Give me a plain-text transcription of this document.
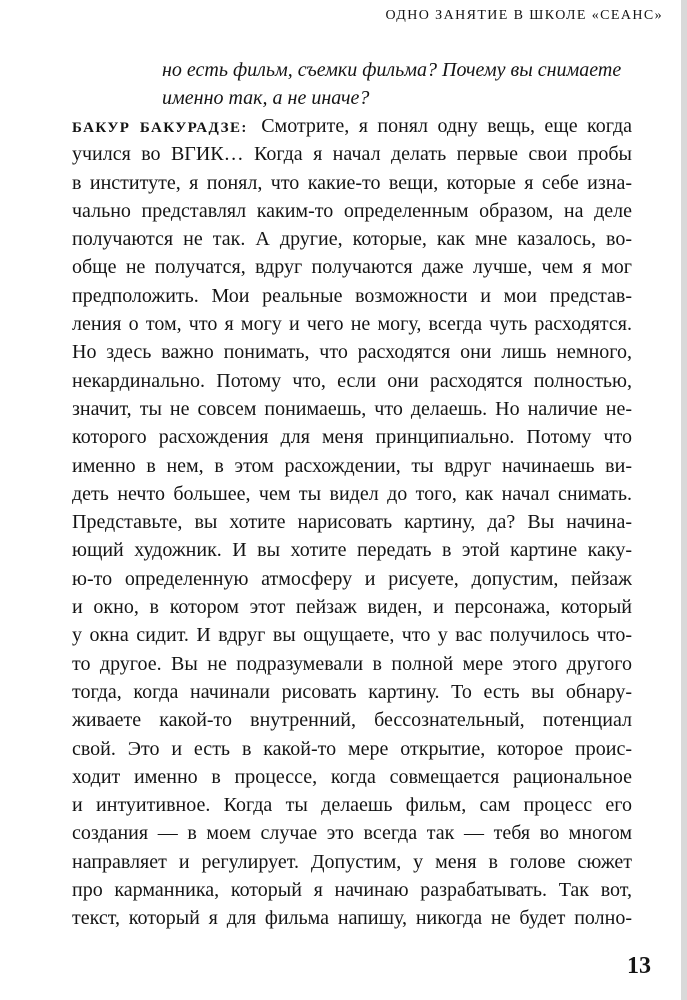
ОДНО ЗАНЯТИЕ В ШКОЛЕ «СЕАНС»
но есть фильм, съемки фильма? Почему вы снимаете
именно так, а не иначе?
БАКУР БАКУРАДЗЕ: Смотрите, я понял одну вещь, еще когда
учился во ВГИК… Когда я начал делать первые свои пробы
в институте, я понял, что какие-то вещи, которые я себе изна-
чально представлял каким-то определенным образом, на деле
получаются не так. А другие, которые, как мне казалось, во-
обще не получатся, вдруг получаются даже лучше, чем я мог
предположить. Мои реальные возможности и мои представ-
ления о том, что я могу и чего не могу, всегда чуть расходятся.
Но здесь важно понимать, что расходятся они лишь немного,
некардинально. Потому что, если они расходятся полностью,
значит, ты не совсем понимаешь, что делаешь. Но наличие не-
которого расхождения для меня принципиально. Потому что
именно в нем, в этом расхождении, ты вдруг начинаешь ви-
деть нечто большее, чем ты видел до того, как начал снимать.
Представьте, вы хотите нарисовать картину, да? Вы начина-
ющий художник. И вы хотите передать в этой картине каку-
ю-то определенную атмосферу и рисуете, допустим, пейзаж
и окно, в котором этот пейзаж виден, и персонажа, который
у окна сидит. И вдруг вы ощущаете, что у вас получилось что-
то другое. Вы не подразумевали в полной мере этого другого
тогда, когда начинали рисовать картину. То есть вы обнару-
живаете какой-то внутренний, бессознательный, потенциал
свой. Это и есть в какой-то мере открытие, которое проис-
ходит именно в процессе, когда совмещается рациональное
и интуитивное. Когда ты делаешь фильм, сам процесс его
создания — в моем случае это всегда так — тебя во многом
направляет и регулирует. Допустим, у меня в голове сюжет
про карманника, который я начинаю разрабатывать. Так вот,
текст, который я для фильма напишу, никогда не будет полно-
13
